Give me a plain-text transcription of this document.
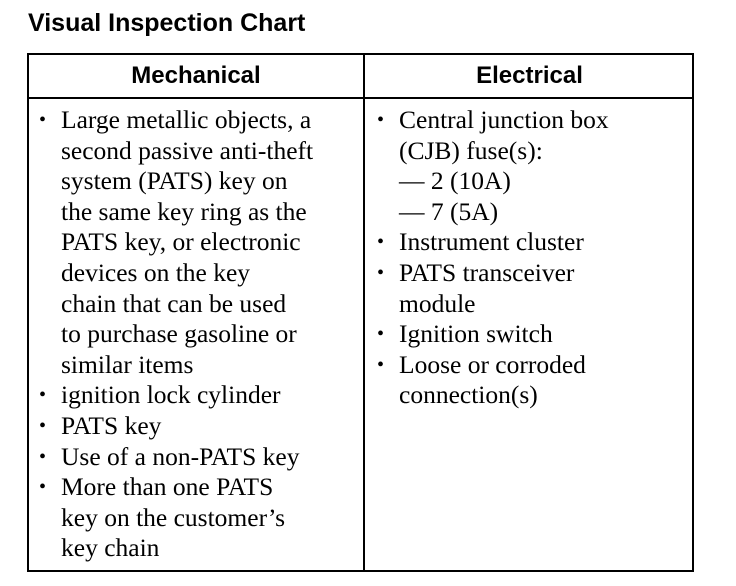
Visual Inspection Chart
Mechanical	Electrical
• Large metallic objects, a
second passive anti-theft
system (PATS) key on
the same key ring as the
PATS key, or electronic
devices on the key
chain that can be used
to purchase gasoline or
similar items
• ignition lock cylinder
• PATS key
• Use of a non-PATS key
• More than one PATS
key on the customer’s
key chain
• Central junction box
(CJB) fuse(s):
— 2 (10A)
— 7 (5A)
• Instrument cluster
• PATS transceiver
module
• Ignition switch
• Loose or corroded
connection(s)
